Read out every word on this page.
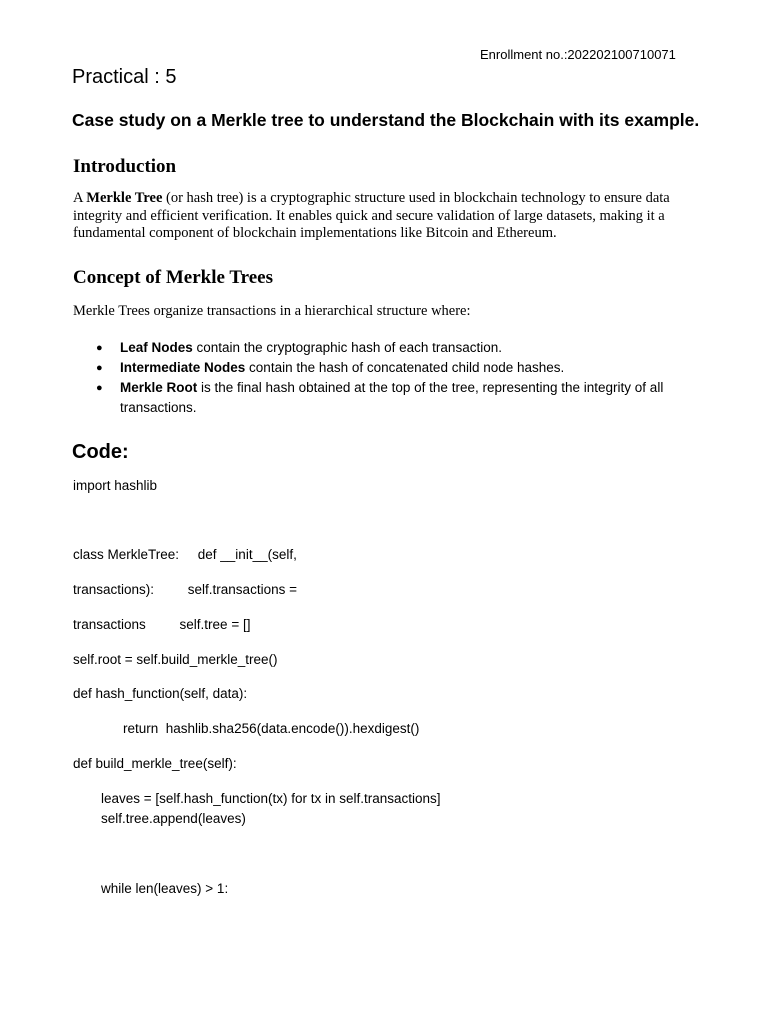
Enrollment no.:202202100710071
Practical : 5
Case study on a Merkle tree to understand the Blockchain with its example.
Introduction
A Merkle Tree (or hash tree) is a cryptographic structure used in blockchain technology to ensure data integrity and efficient verification. It enables quick and secure validation of large datasets, making it a fundamental component of blockchain implementations like Bitcoin and Ethereum.
Concept of Merkle Trees
Merkle Trees organize transactions in a hierarchical structure where:
● Leaf Nodes contain the cryptographic hash of each transaction.
● Intermediate Nodes contain the hash of concatenated child node hashes.
● Merkle Root is the final hash obtained at the top of the tree, representing the integrity of all transactions.
Code:
import hashlib
class MerkleTree:     def __init__(self,
transactions):         self.transactions =
transactions         self.tree = []
self.root = self.build_merkle_tree()
def hash_function(self, data):
return  hashlib.sha256(data.encode()).hexdigest()
def build_merkle_tree(self):
leaves = [self.hash_function(tx) for tx in self.transactions]
self.tree.append(leaves)
while len(leaves) > 1:
